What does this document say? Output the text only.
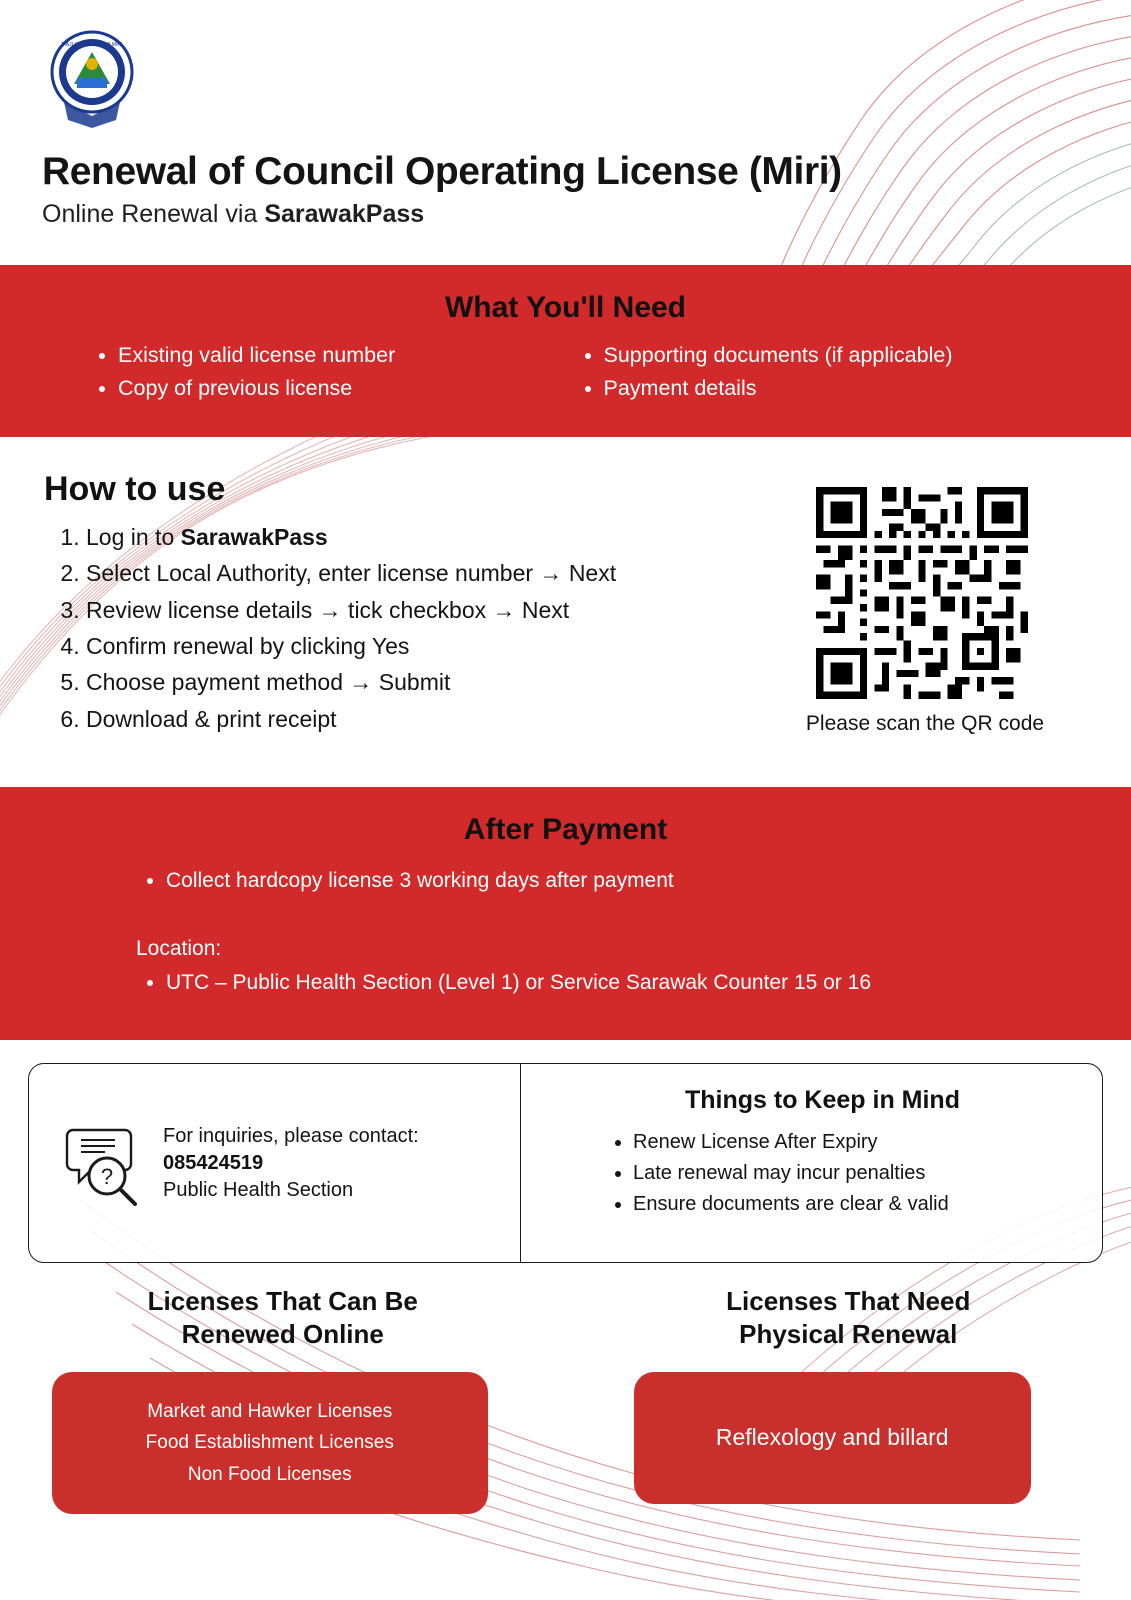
MAJLIS BANDARAYA MIRI
Renewal of Council Operating License (Miri)
Online Renewal via SarawakPass
What You'll Need
• Existing valid license number
• Copy of previous license
• Supporting documents (if applicable)
• Payment details
How to use
1. Log in to SarawakPass
2. Select Local Authority, enter license number → Next
3. Review license details → tick checkbox → Next
4. Confirm renewal by clicking Yes
5. Choose payment method → Submit
6. Download & print receipt	Please scan the QR code
After Payment
• Collect hardcopy license 3 working days after payment
Location:
• UTC – Public Health Section (Level 1) or Service Sarawak Counter 15 or 16
?
For inquiries, please contact:
085424519
Public Health Section
Things to Keep in Mind
• Renew License After Expiry
• Late renewal may incur penalties
• Ensure documents are clear & valid
Licenses That Can Be
Renewed Online
Market and Hawker Licenses
Food Establishment Licenses
Non Food Licenses
Licenses That Need
Physical Renewal
Reflexology and billard
